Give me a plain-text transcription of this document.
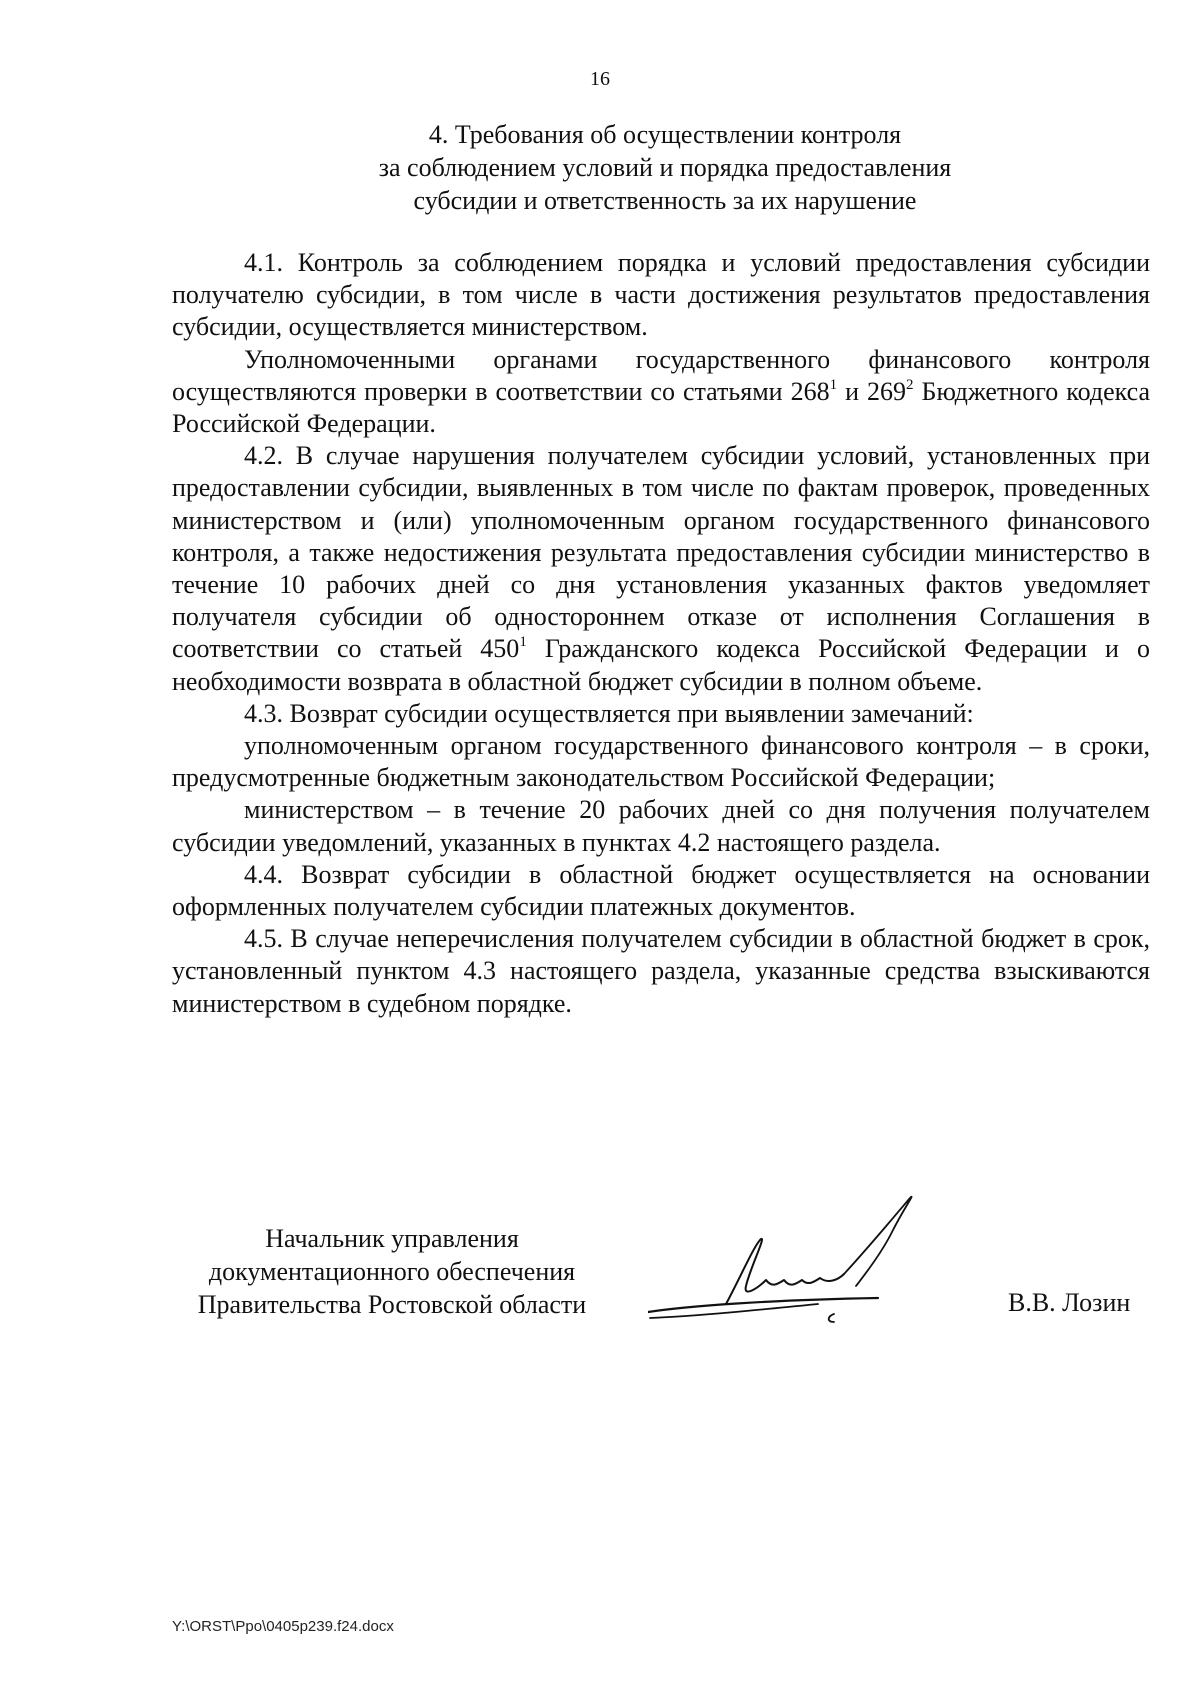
16
4. Требования об осуществлении контроля
за соблюдением условий и порядка предоставления
субсидии и ответственность за их нарушение

4.1. Контроль за соблюдением порядка и условий предоставления субсидии получателю субсидии, в том числе в части достижения результатов предоставления субсидии, осуществляется министерством.

Уполномоченными органами государственного финансового контроля осуществляются проверки в соответствии со статьями $268^1$ и $269^2$ Бюджетного кодекса Российской Федерации.

4.2. В случае нарушения получателем субсидии условий, установленных при предоставлении субсидии, выявленных в том числе по фактам проверок, проведенных министерством и (или) уполномоченным органом государственного финансового контроля, а также недостижения результата предоставления субсидии министерство в течение 10 рабочих дней со дня установления указанных фактов уведомляет получателя субсидии об одностороннем отказе от исполнения Соглашения в соответствии со статьей $450^1$ Гражданского кодекса Российской Федерации и о необходимости возврата в областной бюджет субсидии в полном объеме.

4.3. Возврат субсидии осуществляется при выявлении замечаний:

уполномоченным органом государственного финансового контроля – в сроки, предусмотренные бюджетным законодательством Российской Федерации;

министерством – в течение 20 рабочих дней со дня получения получателем субсидии уведомлений, указанных в пунктах 4.2 настоящего раздела.

4.4. Возврат субсидии в областной бюджет осуществляется на основании оформленных получателем субсидии платежных документов.

4.5. В случае неперечисления получателем субсидии в областной бюджет в срок, установленный пунктом 4.3 настоящего раздела, указанные средства взыскиваются министерством в судебном порядке.

Начальник управления
документационного обеспечения
Правительства Ростовской области	В.В. Лозин
Y:\ORST\Ppo\0405p239.f24.docx
